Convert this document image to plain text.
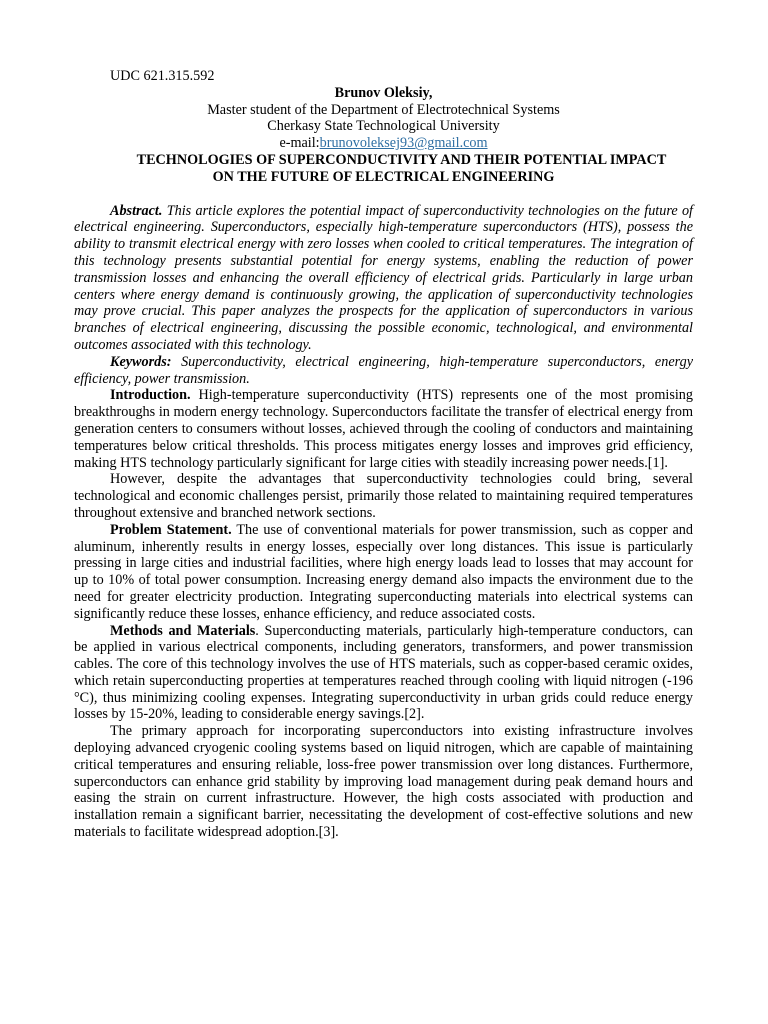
UDC 621.315.592
Brunov Oleksiy,
Master student of the Department of Electrotechnical Systems
Cherkasy State Technological University
e-mail:brunovoleksej93@gmail.com
TECHNOLOGIES OF SUPERCONDUCTIVITY AND THEIR POTENTIAL IMPACT
ON THE FUTURE OF ELECTRICAL ENGINEERING

Abstract. This article explores the potential impact of superconductivity technologies on the future of electrical engineering. Superconductors, especially high-temperature superconductors (HTS), possess the ability to transmit electrical energy with zero losses when cooled to critical temperatures. The integration of this technology presents substantial potential for energy systems, enabling the reduction of power transmission losses and enhancing the overall efficiency of electrical grids. Particularly in large urban centers where energy demand is continuously growing, the application of superconductivity technologies may prove crucial. This paper analyzes the prospects for the application of superconductors in various branches of electrical engineering, discussing the possible economic, technological, and environmental outcomes associated with this technology.

Keywords: Superconductivity, electrical engineering, high-temperature superconductors, energy efficiency, power transmission.

Introduction. High-temperature superconductivity (HTS) represents one of the most promising breakthroughs in modern energy technology. Superconductors facilitate the transfer of electrical energy from generation centers to consumers without losses, achieved through the cooling of conductors and maintaining temperatures below critical thresholds. This process mitigates energy losses and improves grid efficiency, making HTS technology particularly significant for large cities with steadily increasing power needs.[1].

However, despite the advantages that superconductivity technologies could bring, several technological and economic challenges persist, primarily those related to maintaining required temperatures throughout extensive and branched network sections.

Problem Statement. The use of conventional materials for power transmission, such as copper and aluminum, inherently results in energy losses, especially over long distances. This issue is particularly pressing in large cities and industrial facilities, where high energy loads lead to losses that may account for up to 10% of total power consumption. Increasing energy demand also impacts the environment due to the need for greater electricity production. Integrating superconducting materials into electrical systems can significantly reduce these losses, enhance efficiency, and reduce associated costs.

Methods and Materials. Superconducting materials, particularly high-temperature conductors, can be applied in various electrical components, including generators, transformers, and power transmission cables. The core of this technology involves the use of HTS materials, such as copper-based ceramic oxides, which retain superconducting properties at temperatures reached through cooling with liquid nitrogen (-196 °C), thus minimizing cooling expenses. Integrating superconductivity in urban grids could reduce energy losses by 15-20%, leading to considerable energy savings.[2].

The primary approach for incorporating superconductors into existing infrastructure involves deploying advanced cryogenic cooling systems based on liquid nitrogen, which are capable of maintaining critical temperatures and ensuring reliable, loss-free power transmission over long distances. Furthermore, superconductors can enhance grid stability by improving load management during peak demand hours and easing the strain on current infrastructure. However, the high costs associated with production and installation remain a significant barrier, necessitating the development of cost-effective solutions and new materials to facilitate widespread adoption.[3].
